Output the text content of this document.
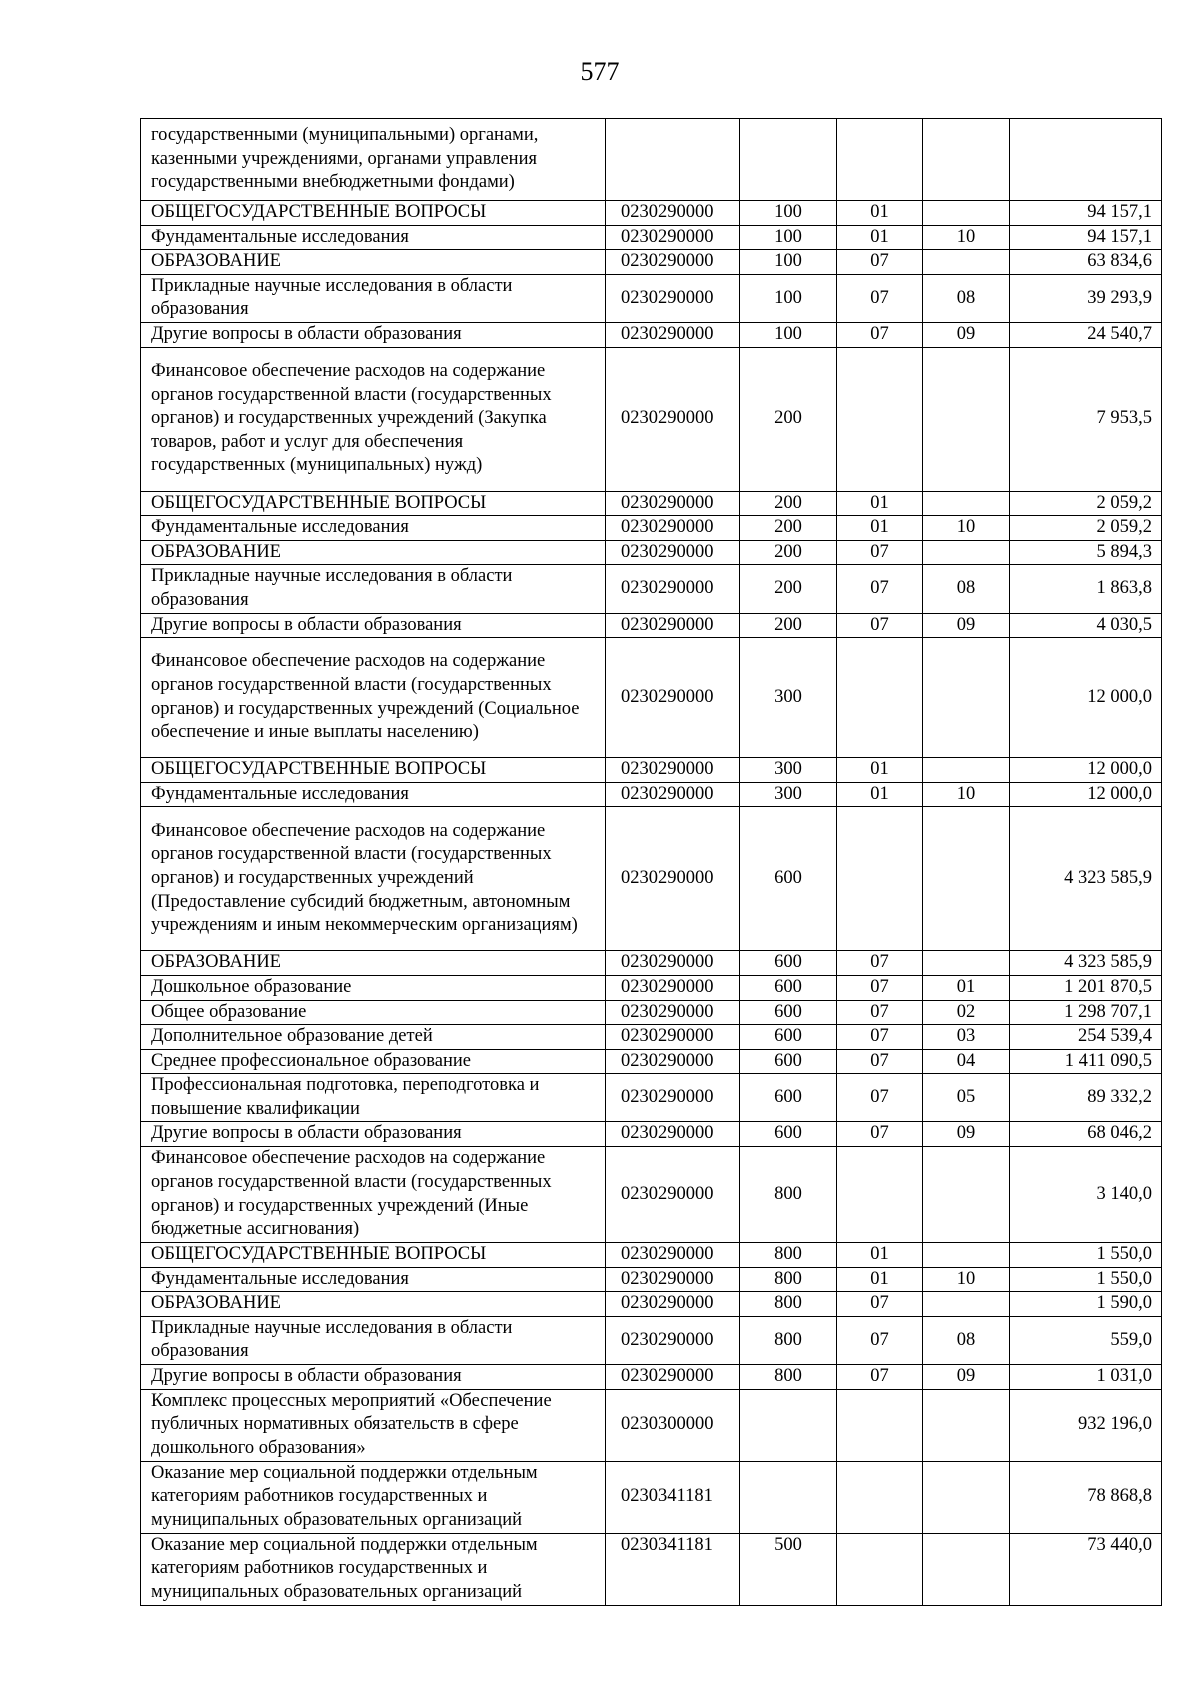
577
государственными (муниципальными) органами, казенными учреждениями, органами управления государственными внебюджетными фондами)					
ОБЩЕГОСУДАРСТВЕННЫЕ ВОПРОСЫ	0230290000	100	01		94 157,1
Фундаментальные исследования	0230290000	100	01	10	94 157,1
ОБРАЗОВАНИЕ	0230290000	100	07		63 834,6
Прикладные научные исследования в области образования	0230290000	100	07	08	39 293,9
Другие вопросы в области образования	0230290000	100	07	09	24 540,7
Финансовое обеспечение расходов на содержание органов государственной власти (государственных органов) и государственных учреждений (Закупка товаров, работ и услуг для обеспечения государственных (муниципальных) нужд)	0230290000	200			7 953,5
ОБЩЕГОСУДАРСТВЕННЫЕ ВОПРОСЫ	0230290000	200	01		2 059,2
Фундаментальные исследования	0230290000	200	01	10	2 059,2
ОБРАЗОВАНИЕ	0230290000	200	07		5 894,3
Прикладные научные исследования в области образования	0230290000	200	07	08	1 863,8
Другие вопросы в области образования	0230290000	200	07	09	4 030,5
Финансовое обеспечение расходов на содержание органов государственной власти (государственных органов) и государственных учреждений (Социальное обеспечение и иные выплаты населению)	0230290000	300			12 000,0
ОБЩЕГОСУДАРСТВЕННЫЕ ВОПРОСЫ	0230290000	300	01		12 000,0
Фундаментальные исследования	0230290000	300	01	10	12 000,0
Финансовое обеспечение расходов на содержание органов государственной власти (государственных органов) и государственных учреждений (Предоставление субсидий бюджетным, автономным учреждениям и иным некоммерческим организациям)	0230290000	600			4 323 585,9
ОБРАЗОВАНИЕ	0230290000	600	07		4 323 585,9
Дошкольное образование	0230290000	600	07	01	1 201 870,5
Общее образование	0230290000	600	07	02	1 298 707,1
Дополнительное образование детей	0230290000	600	07	03	254 539,4
Среднее профессиональное образование	0230290000	600	07	04	1 411 090,5
Профессиональная подготовка, переподготовка и повышение квалификации	0230290000	600	07	05	89 332,2
Другие вопросы в области образования	0230290000	600	07	09	68 046,2
Финансовое обеспечение расходов на содержание органов государственной власти (государственных органов) и государственных учреждений (Иные бюджетные ассигнования)	0230290000	800			3 140,0
ОБЩЕГОСУДАРСТВЕННЫЕ ВОПРОСЫ	0230290000	800	01		1 550,0
Фундаментальные исследования	0230290000	800	01	10	1 550,0
ОБРАЗОВАНИЕ	0230290000	800	07		1 590,0
Прикладные научные исследования в области образования	0230290000	800	07	08	559,0
Другие вопросы в области образования	0230290000	800	07	09	1 031,0
Комплекс процессных мероприятий «Обеспечение публичных нормативных обязательств в сфере дошкольного образования»	0230300000				932 196,0
Оказание мер социальной поддержки отдельным категориям работников государственных и муниципальных образовательных организаций	0230341181				78 868,8
Оказание мер социальной поддержки отдельным категориям работников государственных и муниципальных образовательных организаций	0230341181	500			73 440,0
